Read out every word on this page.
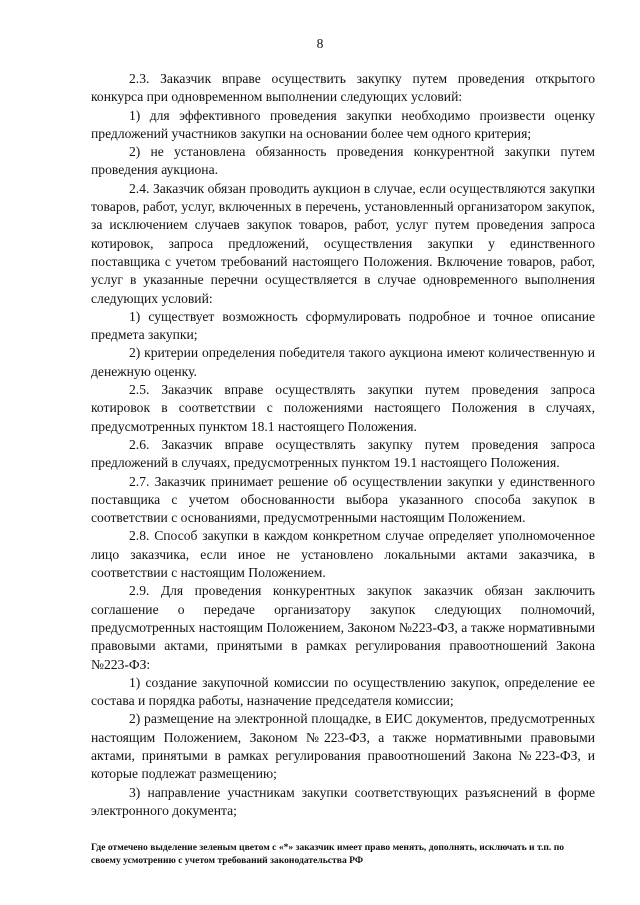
8

2.3. Заказчик вправе осуществить закупку путем проведения открытого конкурса при одновременном выполнении следующих условий:

1) для эффективного проведения закупки необходимо произвести оценку предложений участников закупки на основании более чем одного критерия;

2) не установлена обязанность проведения конкурентной закупки путем проведения аукциона.

2.4. Заказчик обязан проводить аукцион в случае, если осуществляются закупки товаров, работ, услуг, включенных в перечень, установленный организатором закупок, за исключением случаев закупок товаров, работ, услуг путем проведения запроса котировок, запроса предложений, осуществления закупки у единственного поставщика с учетом требований настоящего Положения. Включение товаров, работ, услуг в указанные перечни осуществляется в случае одновременного выполнения следующих условий:

1) существует возможность сформулировать подробное и точное описание предмета закупки;

2) критерии определения победителя такого аукциона имеют количественную и денежную оценку.

2.5. Заказчик вправе осуществлять закупки путем проведения запроса котировок в соответствии с положениями настоящего Положения в случаях, предусмотренных пунктом 18.1 настоящего Положения.

2.6. Заказчик вправе осуществлять закупку путем проведения запроса предложений в случаях, предусмотренных пунктом 19.1 настоящего Положения.

2.7. Заказчик принимает решение об осуществлении закупки у единственного поставщика с учетом обоснованности выбора указанного способа закупок в соответствии с основаниями, предусмотренными настоящим Положением.

2.8. Способ закупки в каждом конкретном случае определяет уполномоченное лицо заказчика, если иное не установлено локальными актами заказчика, в соответствии с настоящим Положением.

2.9. Для проведения конкурентных закупок заказчик обязан заключить соглашение о передаче организатору закупок следующих полномочий, предусмотренных настоящим Положением, Законом №223-ФЗ, а также нормативными правовыми актами, принятыми в рамках регулирования правоотношений Закона №223-ФЗ:

1) создание закупочной комиссии по осуществлению закупок, определение ее состава и порядка работы, назначение председателя комиссии;

2) размещение на электронной площадке, в ЕИС документов, предусмотренных настоящим Положением, Законом №223-ФЗ, а также нормативными правовыми актами, принятыми в рамках регулирования правоотношений Закона №223-ФЗ, и которые подлежат размещению;

3) направление участникам закупки соответствующих разъяснений в форме электронного документа;

Где отмечено выделение зеленым цветом с «*» заказчик имеет право менять, дополнять, исключать и т.п. по своему усмотрению с учетом требований законодательства РФ
